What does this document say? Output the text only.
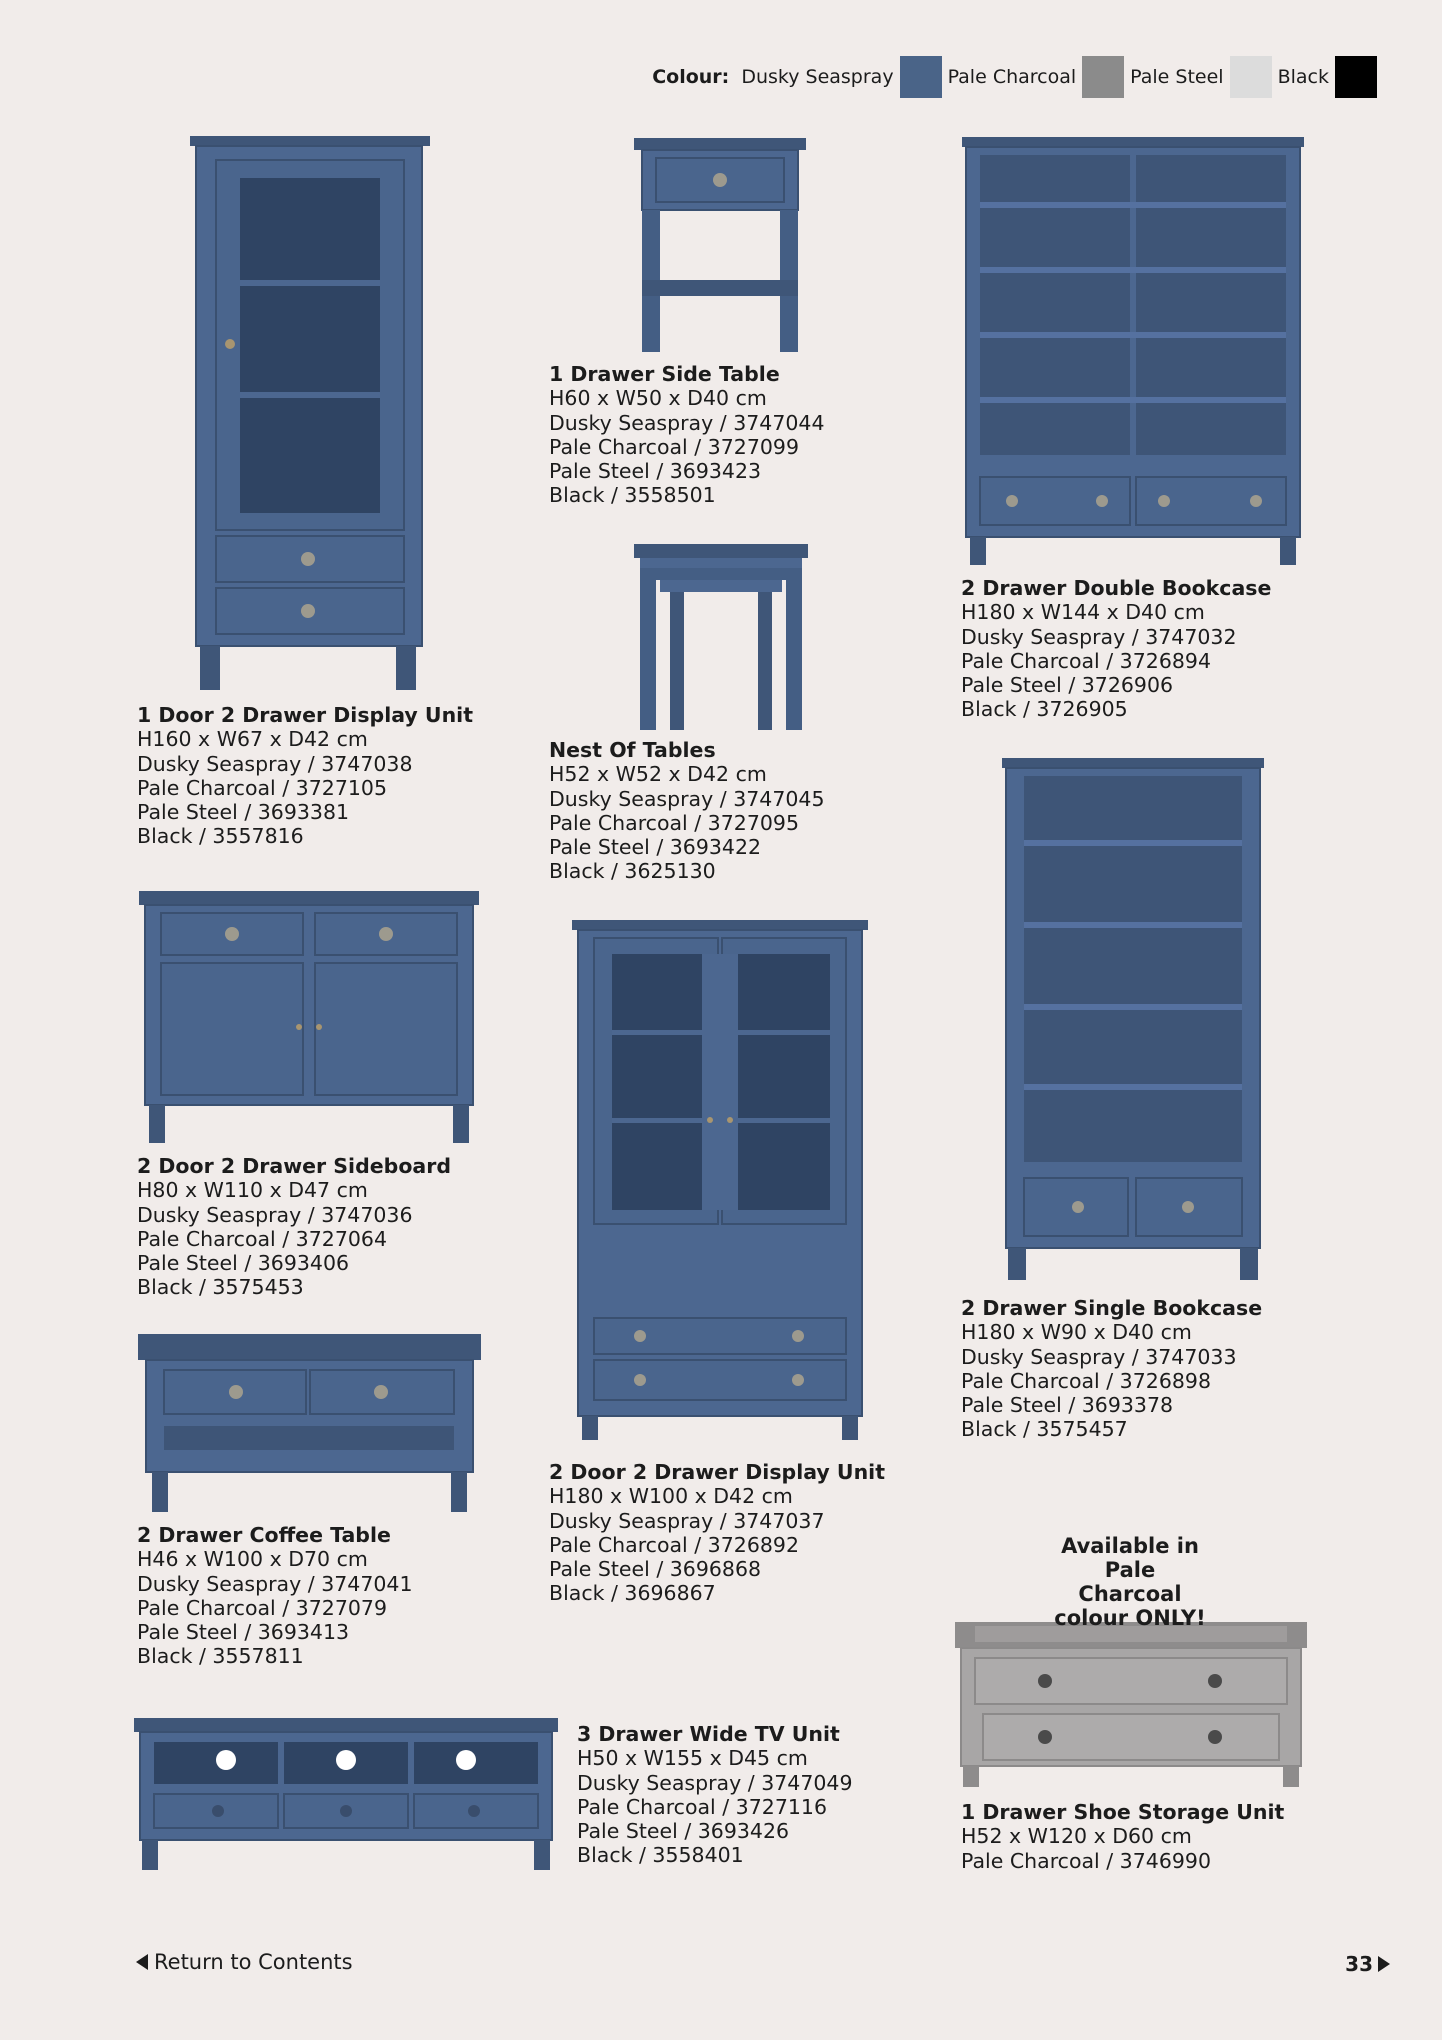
Colour: Dusky Seaspray	Pale Charcoal	Pale Steel	Black
1 Door 2 Drawer Display Unit
H160 x W67 x D42 cm
Dusky Seaspray / 3747038
Pale Charcoal / 3727105
Pale Steel / 3693381
Black / 3557816
1 Drawer Side Table
H60 x W50 x D40 cm
Dusky Seaspray / 3747044
Pale Charcoal / 3727099
Pale Steel / 3693423
Black / 3558501
2 Drawer Double Bookcase
H180 x W144 x D40 cm
Dusky Seaspray / 3747032
Pale Charcoal / 3726894
Pale Steel / 3726906
Black / 3726905
Nest Of Tables
H52 x W52 x D42 cm
Dusky Seaspray / 3747045
Pale Charcoal / 3727095
Pale Steel / 3693422
Black / 3625130
2 Door 2 Drawer Sideboard
H80 x W110 x D47 cm
Dusky Seaspray / 3747036
Pale Charcoal / 3727064
Pale Steel / 3693406
Black / 3575453
2 Drawer Single Bookcase
H180 x W90 x D40 cm
Dusky Seaspray / 3747033
Pale Charcoal / 3726898
Pale Steel / 3693378
Black / 3575457
2 Door 2 Drawer Display Unit
H180 x W100 x D42 cm
Dusky Seaspray / 3747037
Pale Charcoal / 3726892
Pale Steel / 3696868
Black / 3696867
2 Drawer Coffee Table
H46 x W100 x D70 cm
Dusky Seaspray / 3747041
Pale Charcoal / 3727079
Pale Steel / 3693413
Black / 3557811
3 Drawer Wide TV Unit
H50 x W155 x D45 cm
Dusky Seaspray / 3747049
Pale Charcoal / 3727116
Pale Steel / 3693426
Black / 3558401
1 Drawer Shoe Storage Unit
H52 x W120 x D60 cm
Pale Charcoal / 3746990
Available in
Pale Charcoal
colour ONLY!
Return to Contents	33
